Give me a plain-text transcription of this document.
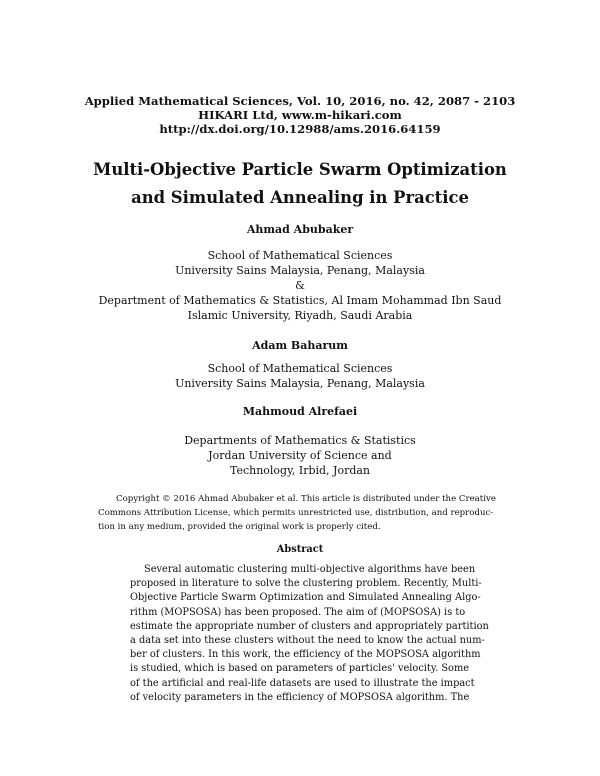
Applied Mathematical Sciences, Vol. 10, 2016, no. 42, 2087 - 2103
HIKARI Ltd, www.m-hikari.com
http://dx.doi.org/10.12988/ams.2016.64159
Multi-Objective Particle Swarm Optimization
and Simulated Annealing in Practice
Ahmad Abubaker
School of Mathematical Sciences
University Sains Malaysia, Penang, Malaysia
&
Department of Mathematics & Statistics, Al Imam Mohammad Ibn Saud
Islamic University, Riyadh, Saudi Arabia
Adam Baharum
School of Mathematical Sciences
University Sains Malaysia, Penang, Malaysia
Mahmoud Alrefaei
Departments of Mathematics & Statistics
Jordan University of Science and
Technology, Irbid, Jordan
Copyright © 2016 Ahmad Abubaker et al. This article is distributed under the Creative
Commons Attribution License, which permits unrestricted use, distribution, and reproduc-
tion in any medium, provided the original work is properly cited.
Abstract
Several automatic clustering multi-objective algorithms have been
proposed in literature to solve the clustering problem. Recently, Multi-
Objective Particle Swarm Optimization and Simulated Annealing Algo-
rithm (MOPSOSA) has been proposed. The aim of (MOPSOSA) is to
estimate the appropriate number of clusters and appropriately partition
a data set into these clusters without the need to know the actual num-
ber of clusters. In this work, the efficiency of the MOPSOSA algorithm
is studied, which is based on parameters of particles' velocity. Some
of the artificial and real-life datasets are used to illustrate the impact
of velocity parameters in the efficiency of MOPSOSA algorithm. The
